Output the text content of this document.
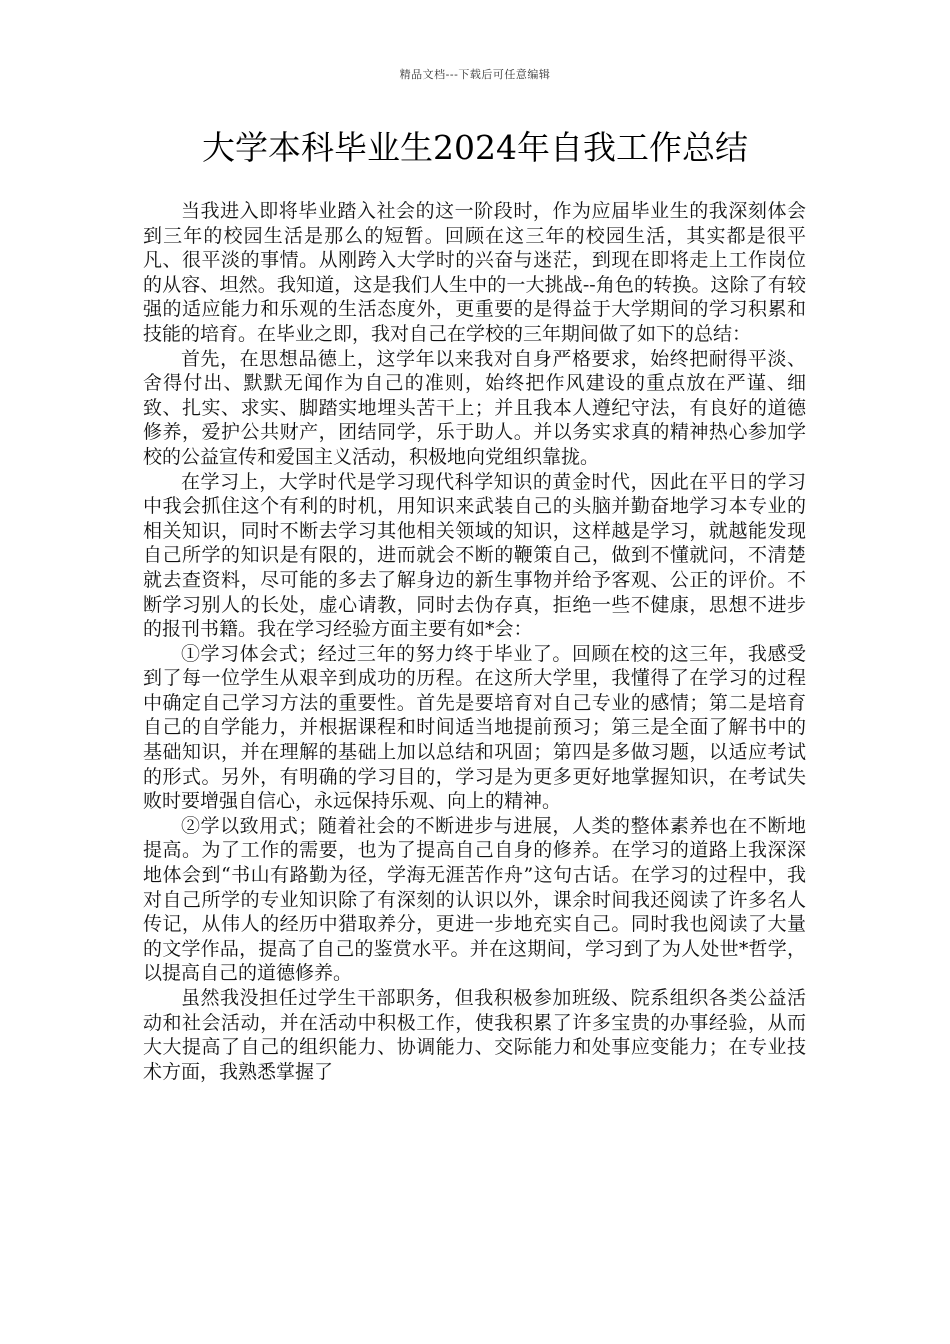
精品文档---下载后可任意编辑
大学本科毕业生2024年自我工作总结

当我进入即将毕业踏入社会的这一阶段时，作为应届毕业生的我深刻体会到三年的校园生活是那么的短暂。回顾在这三年的校园生活，其实都是很平凡、很平淡的事情。从刚跨入大学时的兴奋与迷茫，到现在即将走上工作岗位的从容、坦然。我知道，这是我们人生中的一大挑战--角色的转换。这除了有较强的适应能力和乐观的生活态度外，更重要的是得益于大学期间的学习积累和技能的培育。在毕业之即，我对自己在学校的三年期间做了如下的总结：

首先，在思想品德上，这学年以来我对自身严格要求，始终把耐得平淡、舍得付出、默默无闻作为自己的准则，始终把作风建设的重点放在严谨、细致、扎实、求实、脚踏实地埋头苦干上；并且我本人遵纪守法，有良好的道德修养，爱护公共财产，团结同学，乐于助人。并以务实求真的精神热心参加学校的公益宣传和爱国主义活动，积极地向党组织靠拢。

在学习上，大学时代是学习现代科学知识的黄金时代，因此在平日的学习中我会抓住这个有利的时机，用知识来武装自己的头脑并勤奋地学习本专业的相关知识，同时不断去学习其他相关领域的知识，这样越是学习，就越能发现自己所学的知识是有限的，进而就会不断的鞭策自己，做到不懂就问，不清楚就去查资料，尽可能的多去了解身边的新生事物并给予客观、公正的评价。不断学习别人的长处，虚心请教，同时去伪存真，拒绝一些不健康，思想不进步的报刊书籍。我在学习经验方面主要有如*会：

①学习体会式；经过三年的努力终于毕业了。回顾在校的这三年，我感受到了每一位学生从艰辛到成功的历程。在这所大学里，我懂得了在学习的过程中确定自己学习方法的重要性。首先是要培育对自己专业的感情；第二是培育自己的自学能力，并根据课程和时间适当地提前预习；第三是全面了解书中的基础知识，并在理解的基础上加以总结和巩固；第四是多做习题，以适应考试的形式。另外，有明确的学习目的，学习是为更多更好地掌握知识，在考试失败时要增强自信心，永远保持乐观、向上的精神。

②学以致用式；随着社会的不断进步与进展，人类的整体素养也在不断地提高。为了工作的需要，也为了提高自己自身的修养。在学习的道路上我深深地体会到“书山有路勤为径，学海无涯苦作舟”这句古话。在学习的过程中，我对自己所学的专业知识除了有深刻的认识以外，课余时间我还阅读了许多名人传记，从伟人的经历中猎取养分，更进一步地充实自己。同时我也阅读了大量的文学作品，提高了自己的鉴赏水平。并在这期间，学习到了为人处世*哲学，以提高自己的道德修养。

虽然我没担任过学生干部职务，但我积极参加班级、院系组织各类公益活动和社会活动，并在活动中积极工作，使我积累了许多宝贵的办事经验，从而大大提高了自己的组织能力、协调能力、交际能力和处事应变能力；在专业技术方面，我熟悉掌握了
